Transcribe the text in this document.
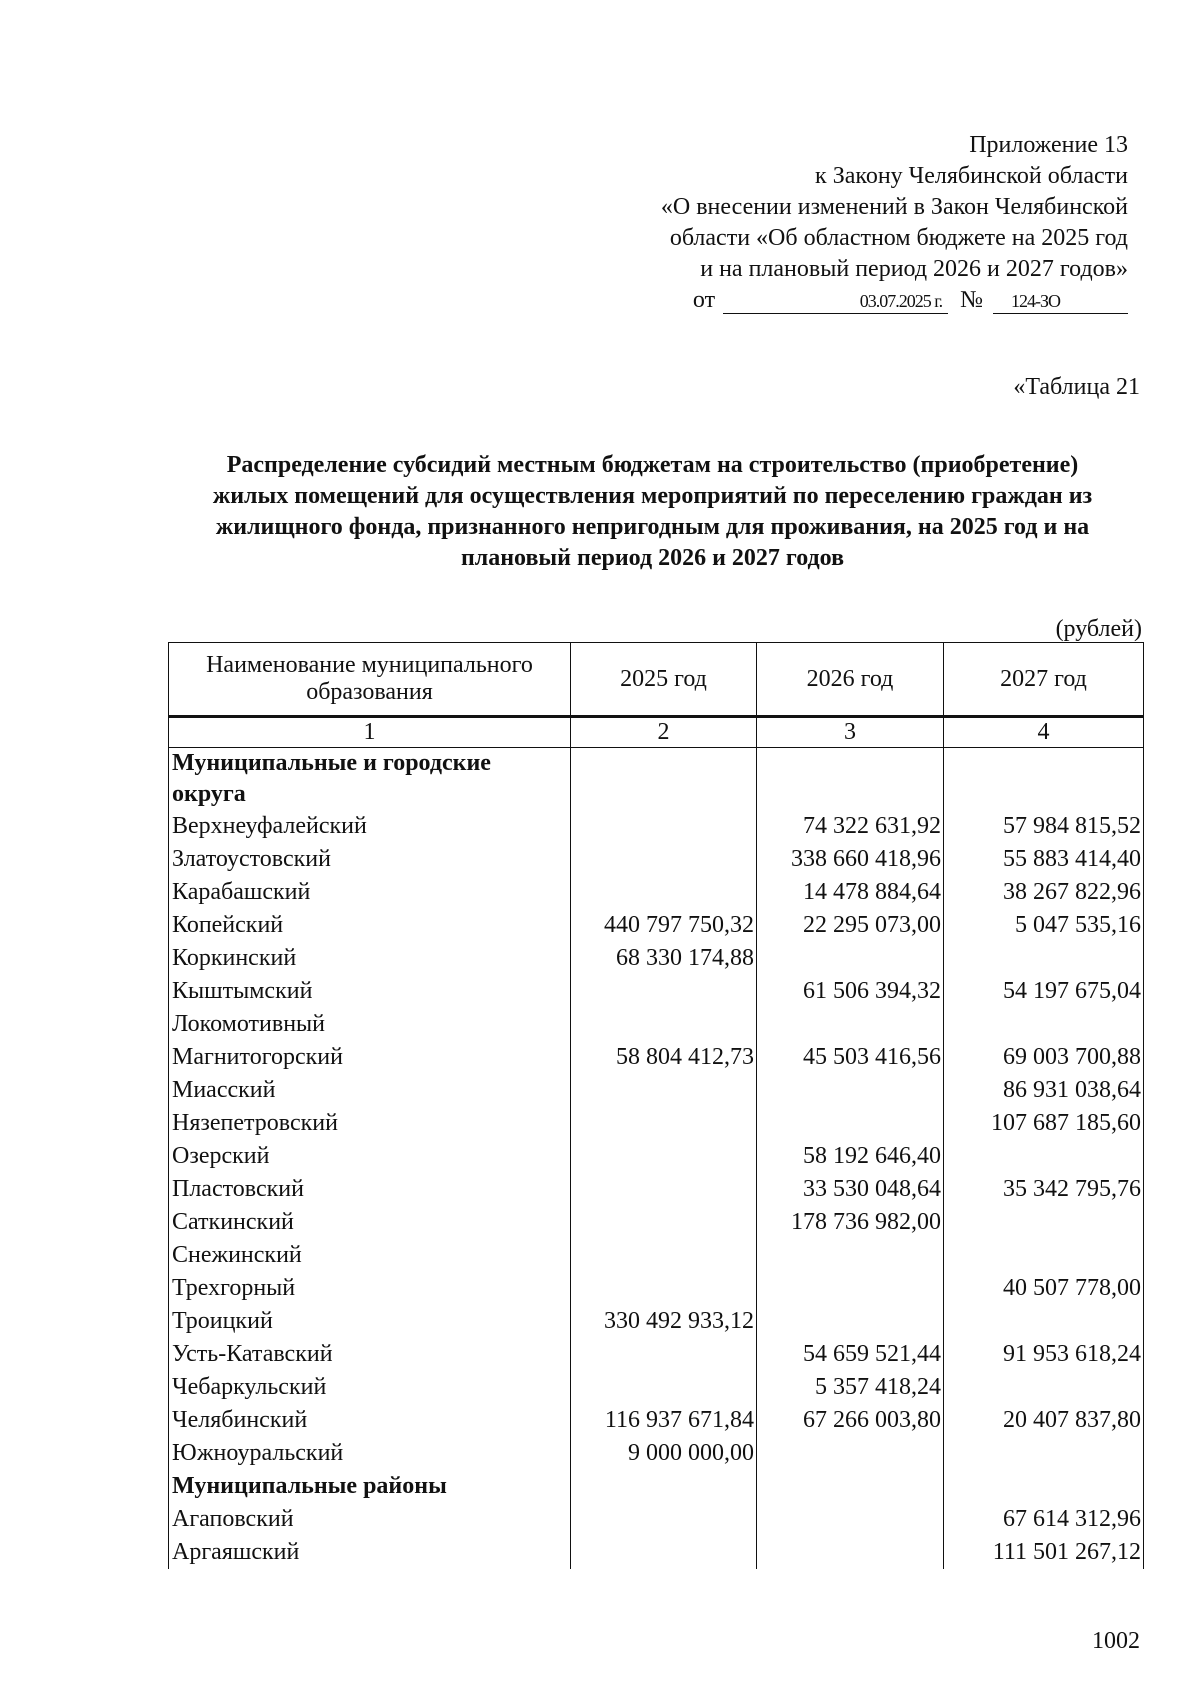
Приложение 13
к Закону Челябинской области
«О внесении изменений в Закон Челябинской
области «Об областном бюджете на 2025 год
и на плановый период 2026 и 2027 годов»
от	03.07.2025 г. № 124-ЗО
«Таблица 21
Распределение субсидий местным бюджетам на строительство (приобретение)
жилых помещений для осуществления мероприятий по переселению граждан из
жилищного фонда, признанного непригодным для проживания, на 2025 год и на
плановый период 2026 и 2027 годов
(рублей)
Наименование муниципального образования	2025 год	2026 год	2027 год
1	2	3	4
Муниципальные и городские округа			
Верхнеуфалейский		74 322 631,92	57 984 815,52
Златоустовский		338 660 418,96	55 883 414,40
Карабашский		14 478 884,64	38 267 822,96
Копейский	440 797 750,32	22 295 073,00	5 047 535,16
Коркинский	68 330 174,88		
Кыштымский		61 506 394,32	54 197 675,04
Локомотивный			
Магнитогорский	58 804 412,73	45 503 416,56	69 003 700,88
Миасский			86 931 038,64
Нязепетровский			107 687 185,60
Озерский		58 192 646,40	
Пластовский		33 530 048,64	35 342 795,76
Саткинский		178 736 982,00	
Снежинский			
Трехгорный			40 507 778,00
Троицкий	330 492 933,12		
Усть-Катавский		54 659 521,44	91 953 618,24
Чебаркульский		5 357 418,24	
Челябинский	116 937 671,84	67 266 003,80	20 407 837,80
Южноуральский	9 000 000,00		
Муниципальные районы			
Агаповский			67 614 312,96
Аргаяшский			111 501 267,12
1002
